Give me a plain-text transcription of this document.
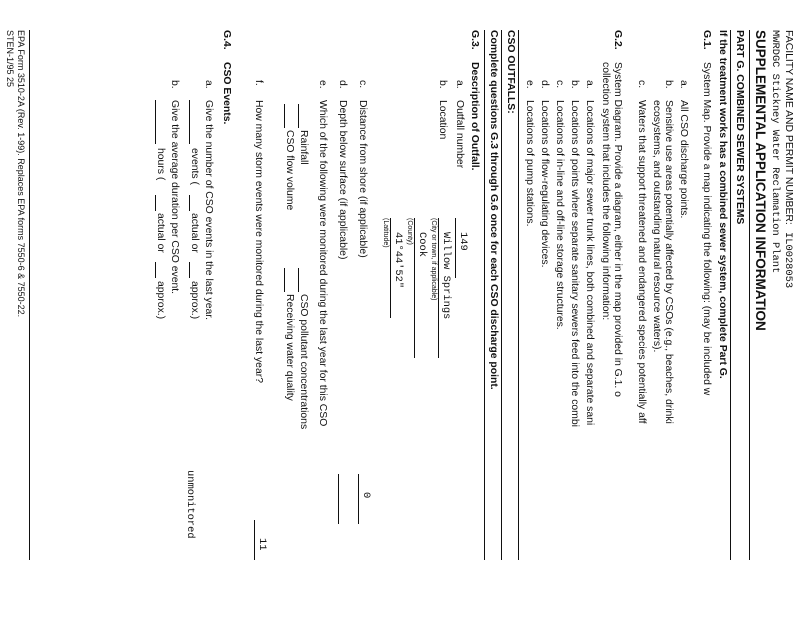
FACILITY NAME AND PERMIT NUMBER:
IL0028053
MWRDGC Stickney Water Reclamation Plant
SUPPLEMENTAL APPLICATION INFORMATION
PART G. COMBINED SEWER SYSTEMS
If the treatment works has a combined sewer system, complete Part G.
G.1.
System Map. Provide a map indicating the following: (may be included w
a.
All CSO discharge points.
b.
Sensitive use areas potentially affected by CSOs (e.g., beaches, drinki
ecosystems, and outstanding natural resource waters).
c.
Waters that support threatened and endangered species potentially aff
G.2.
System Diagram. Provide a diagram, either in the map provided in G.1. o
collection system that includes the following information:
a.
Locations of major sewer trunk lines, both combined and separate sani
b.
Locations of points where separate sanitary sewers feed into the combi
c.
Locations of in-line and off-line storage structures.
d.
Locations of flow-regulating devices.
e.
Locations of pump stations.
CSO OUTFALLS:
Complete questions G.3 through G.6 once for each CSO discharge point.
G.3.
Description of Outfall.
a.
Outfall number
149
b.
Location
Willow Springs
(City or town, if applicable)
Cook
(County)
41°44'52"
(Latitude)
c.
Distance from shore (if applicable)
0
d.
Depth below surface (if applicable)
e.
Which of the following were monitored during the last year for this CSO
Rainfall
CSO pollutant concentrations
CSO flow volume
Receiving water quality
f.
How many storm events were monitored during the last year?
11
G.4.
CSO Events.
a.
Give the number of CSO events in the last year.
events (
actual or
approx.)
b.
Give the average duration per CSO event.
hours (
actual or
approx.)
unmonitored
EPA Form 3510-2A (Rev. 1-99). Replaces EPA forms 7550-6 & 7550-22.
STEN-1/95 25
